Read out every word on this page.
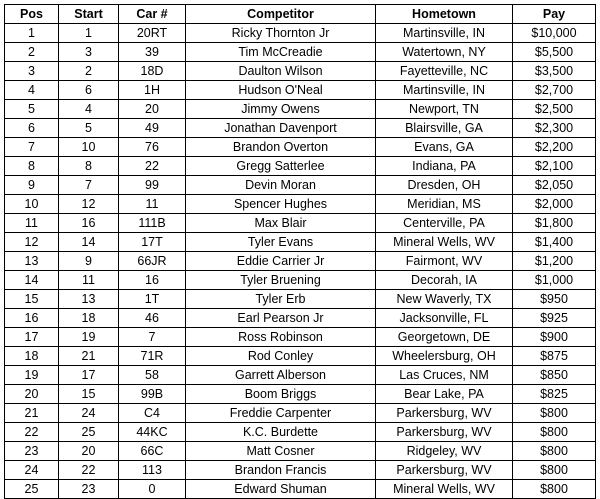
Pos	Start	Car #	Competitor	Hometown	Pay
1	1	20RT	Ricky Thornton Jr	Martinsville, IN	$10,000
2	3	39	Tim McCreadie	Watertown, NY	$5,500
3	2	18D	Daulton Wilson	Fayetteville, NC	$3,500
4	6	1H	Hudson O'Neal	Martinsville, IN	$2,700
5	4	20	Jimmy Owens	Newport, TN	$2,500
6	5	49	Jonathan Davenport	Blairsville, GA	$2,300
7	10	76	Brandon Overton	Evans, GA	$2,200
8	8	22	Gregg Satterlee	Indiana, PA	$2,100
9	7	99	Devin Moran	Dresden, OH	$2,050
10	12	11	Spencer Hughes	Meridian, MS	$2,000
11	16	111B	Max Blair	Centerville, PA	$1,800
12	14	17T	Tyler Evans	Mineral Wells, WV	$1,400
13	9	66JR	Eddie Carrier Jr	Fairmont, WV	$1,200
14	11	16	Tyler Bruening	Decorah, IA	$1,000
15	13	1T	Tyler Erb	New Waverly, TX	$950
16	18	46	Earl Pearson Jr	Jacksonville, FL	$925
17	19	7	Ross Robinson	Georgetown, DE	$900
18	21	71R	Rod Conley	Wheelersburg, OH	$875
19	17	58	Garrett Alberson	Las Cruces, NM	$850
20	15	99B	Boom Briggs	Bear Lake, PA	$825
21	24	C4	Freddie Carpenter	Parkersburg, WV	$800
22	25	44KC	K.C. Burdette	Parkersburg, WV	$800
23	20	66C	Matt Cosner	Ridgeley, WV	$800
24	22	113	Brandon Francis	Parkersburg, WV	$800
25	23	0	Edward Shuman	Mineral Wells, WV	$800
